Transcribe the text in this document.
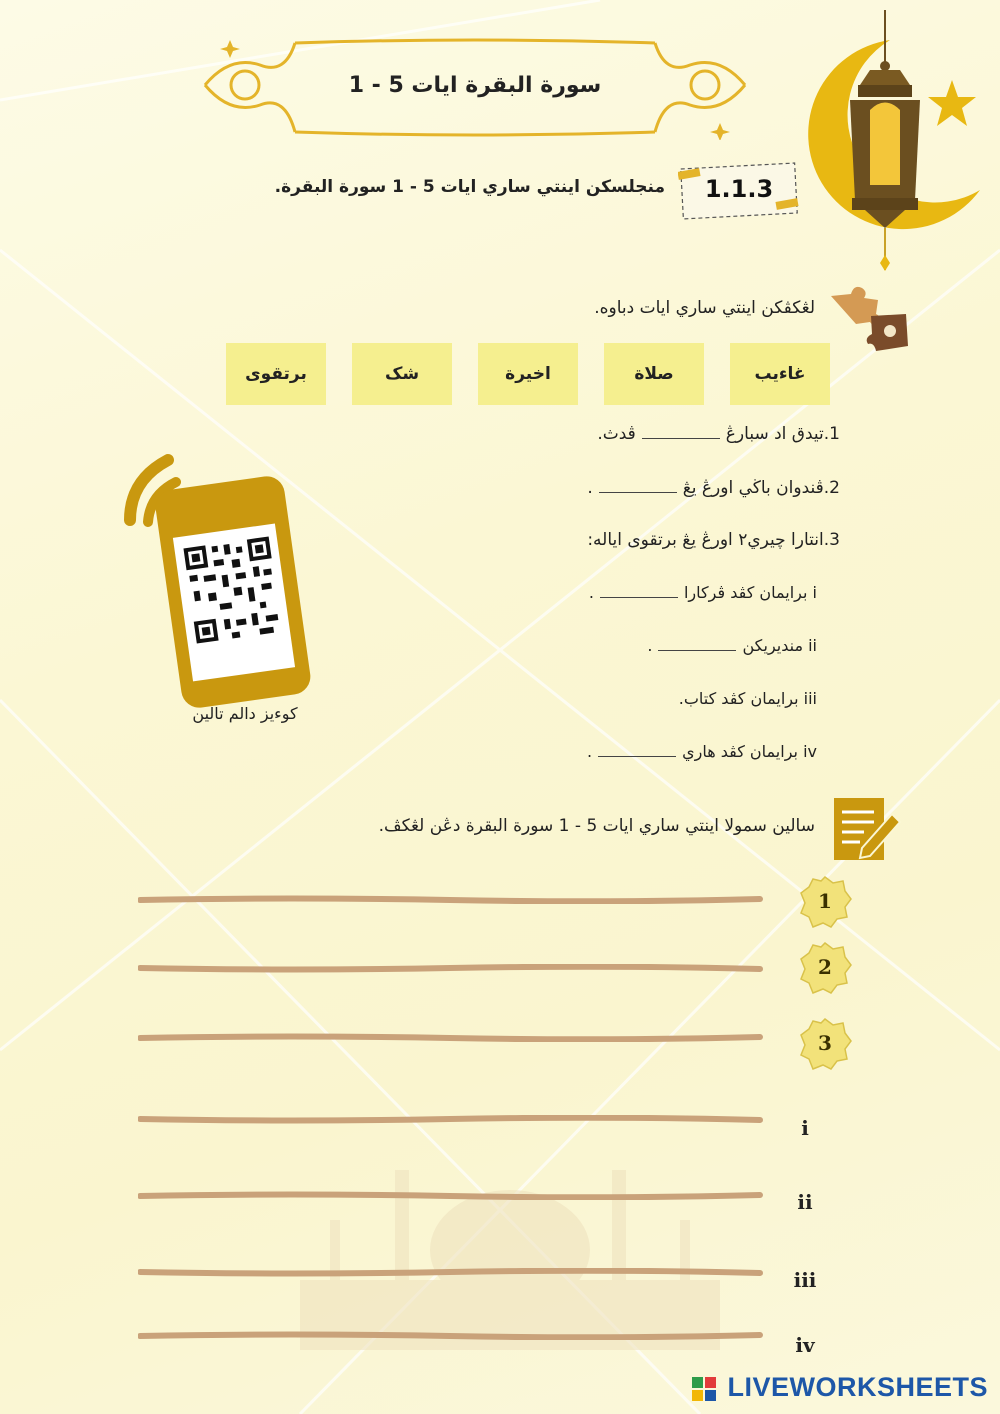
سورة البقرة ايات 5 - 1
منجلسكن اينتي ساري ايات 5 - 1 سورة البقرة.	1.1.3
لڠكڤكن اينتي ساري ايات دباوه.
غاءيب
صلاة
اخيرة
شک
برتقوى
1.تيدق اد سبارڠڤدث.
2.ڤندوان باڬي اورڠ يڠ.
3.انتارا چيري٢ اورڠ يڠ برتقوى اياله:
i برايمان كڤد ڤركارا.
ii منديريكن.
iii برايمان كڤد كتاب.
iv برايمان كڤد هاري.
كوءيز دالم تالين
سالين سمولا اينتي ساري ايات 5 - 1 سورة البقرة دڠن لڠكڤ.
1
2
3
i
ii
iii
iv
LIVEWORKSHEETS
